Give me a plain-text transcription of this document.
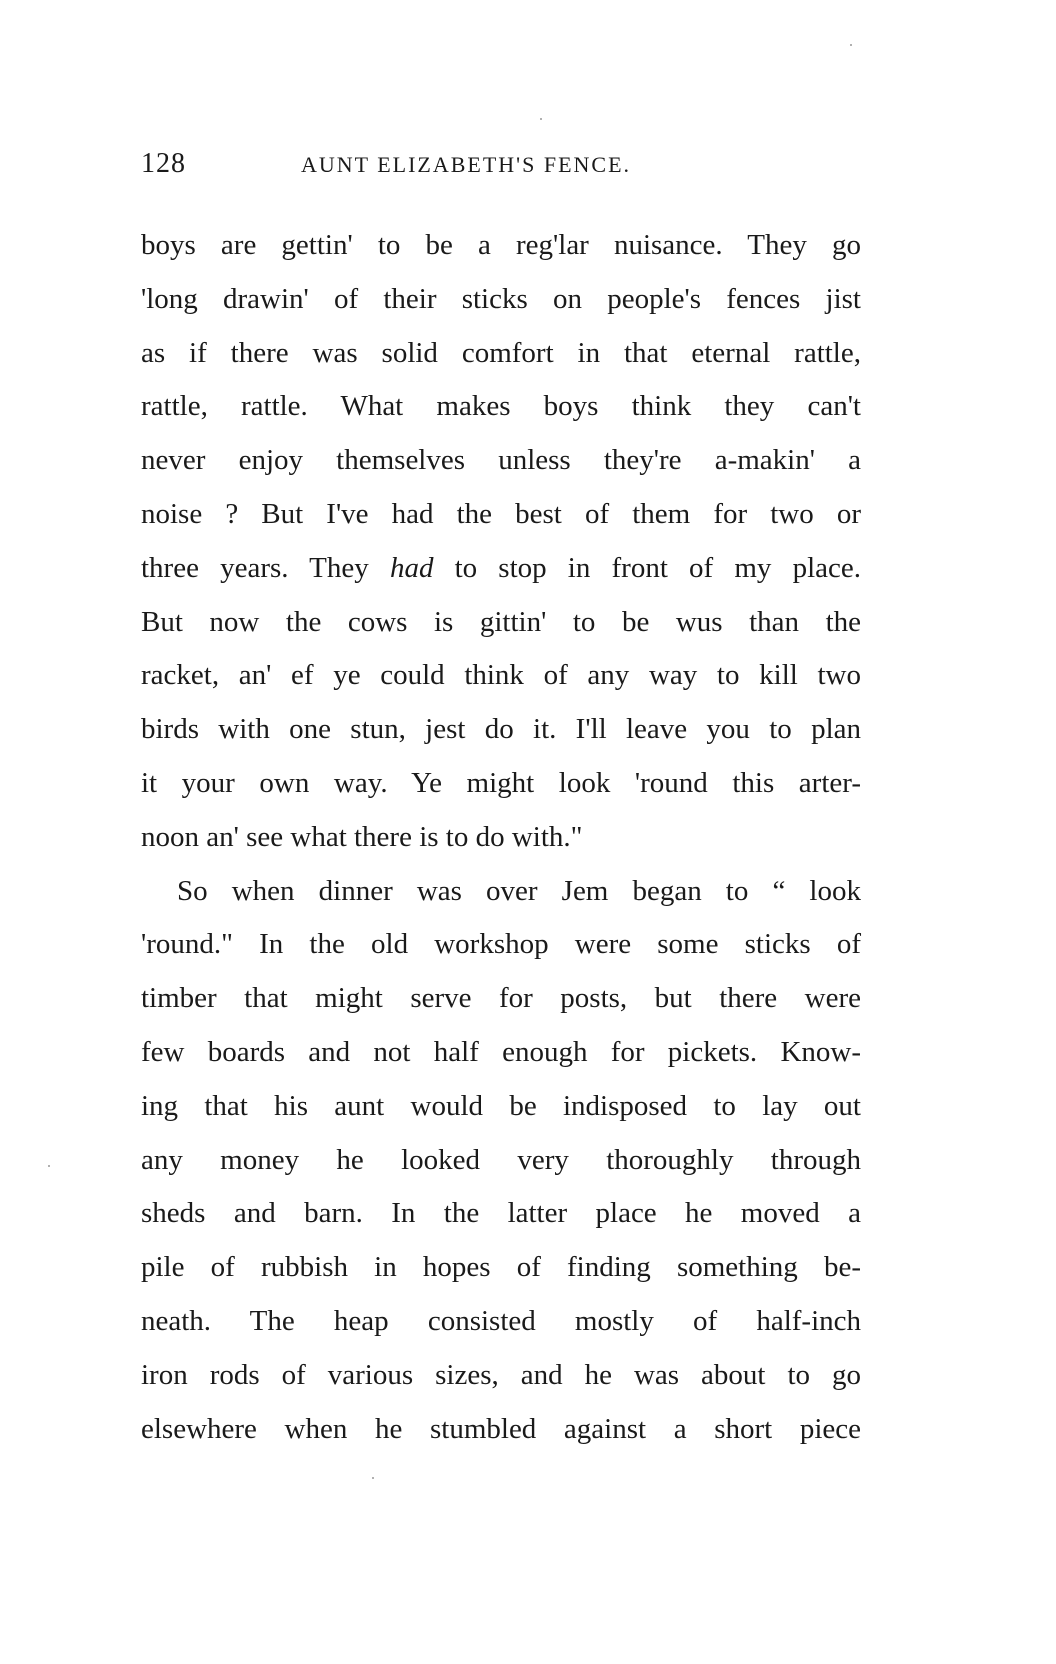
128	AUNT ELIZABETH'S FENCE.
boys are gettin' to be a reg'lar nuisance. They go
'long drawin' of their sticks on people's fences jist
as if there was solid comfort in that eternal rattle,
rattle, rattle. What makes boys think they can't
never enjoy themselves unless they're a-makin' a
noise ? But I've had the best of them for two or
three years. They had to stop in front of my place.
But now the cows is gittin' to be wus than the
racket, an' ef ye could think of any way to kill two
birds with one stun, jest do it. I'll leave you to plan
it your own way. Ye might look 'round this arter-
noon an' see what there is to do with."
So when dinner was over Jem began to “ look
'round." In the old workshop were some sticks of
timber that might serve for posts, but there were
few boards and not half enough for pickets. Know-
ing that his aunt would be indisposed to lay out
any money he looked very thoroughly through
sheds and barn. In the latter place he moved a
pile of rubbish in hopes of finding something be-
neath. The heap consisted mostly of half-inch
iron rods of various sizes, and he was about to go
elsewhere when he stumbled against a short piece
